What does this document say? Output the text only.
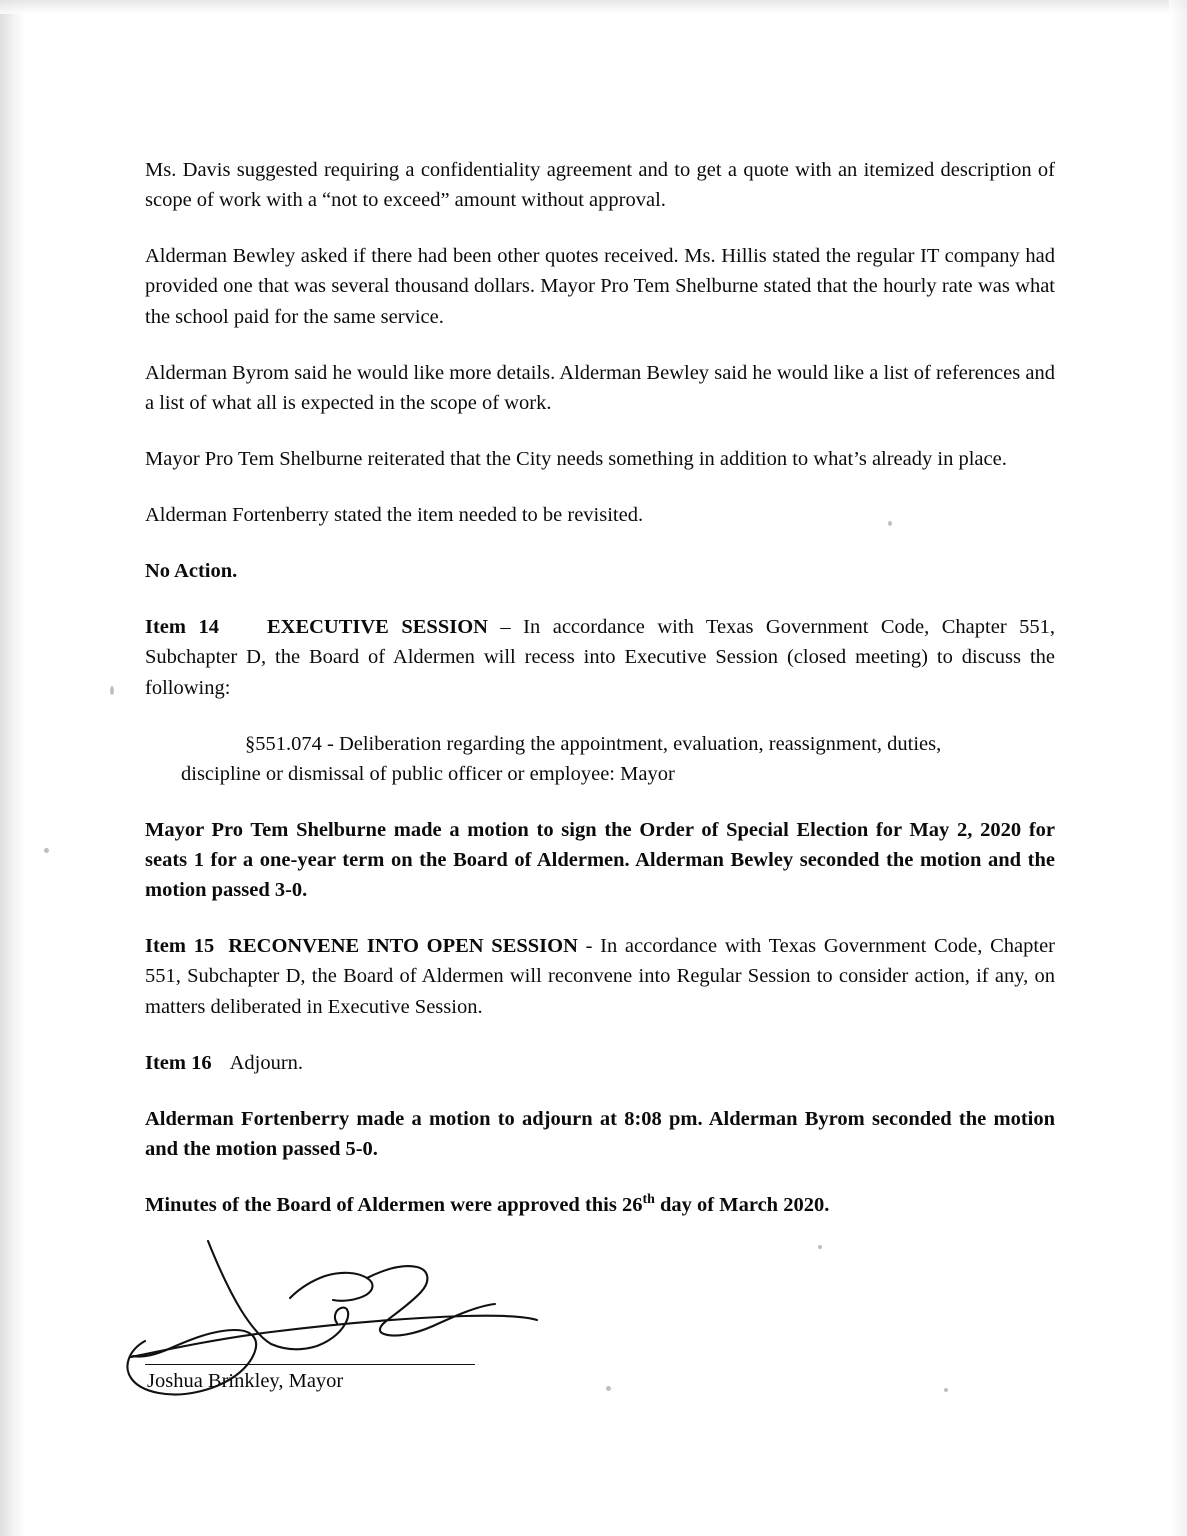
Ms. Davis suggested requiring a confidentiality agreement and to get a quote with an itemized description of scope of work with a “not to exceed” amount without approval.

Alderman Bewley asked if there had been other quotes received. Ms. Hillis stated the regular IT company had provided one that was several thousand dollars. Mayor Pro Tem Shelburne stated that the hourly rate was what the school paid for the same service.

Alderman Byrom said he would like more details. Alderman Bewley said he would like a list of references and a list of what all is expected in the scope of work.

Mayor Pro Tem Shelburne reiterated that the City needs something in addition to what’s already in place.

Alderman Fortenberry stated the item needed to be revisited.

No Action.

Item 14 EXECUTIVE SESSION – In accordance with Texas Government Code, Chapter 551, Subchapter D, the Board of Aldermen will recess into Executive Session (closed meeting) to discuss the following:

§551.074 - Deliberation regarding the appointment, evaluation, reassignment, duties,
discipline or dismissal of public officer or employee: Mayor

Mayor Pro Tem Shelburne made a motion to sign the Order of Special Election for May 2, 2020 for seats 1 for a one-year term on the Board of Aldermen. Alderman Bewley seconded the motion and the motion passed 3-0.

Item 15 RECONVENE INTO OPEN SESSION - In accordance with Texas Government Code, Chapter 551, Subchapter D, the Board of Aldermen will reconvene into Regular Session to consider action, if any, on matters deliberated in Executive Session.

Item 16 Adjourn.

Alderman Fortenberry made a motion to adjourn at 8:08 pm. Alderman Byrom seconded the motion and the motion passed 5-0.

Minutes of the Board of Aldermen were approved this 26th day of March 2020.

Joshua Brinkley, Mayor
